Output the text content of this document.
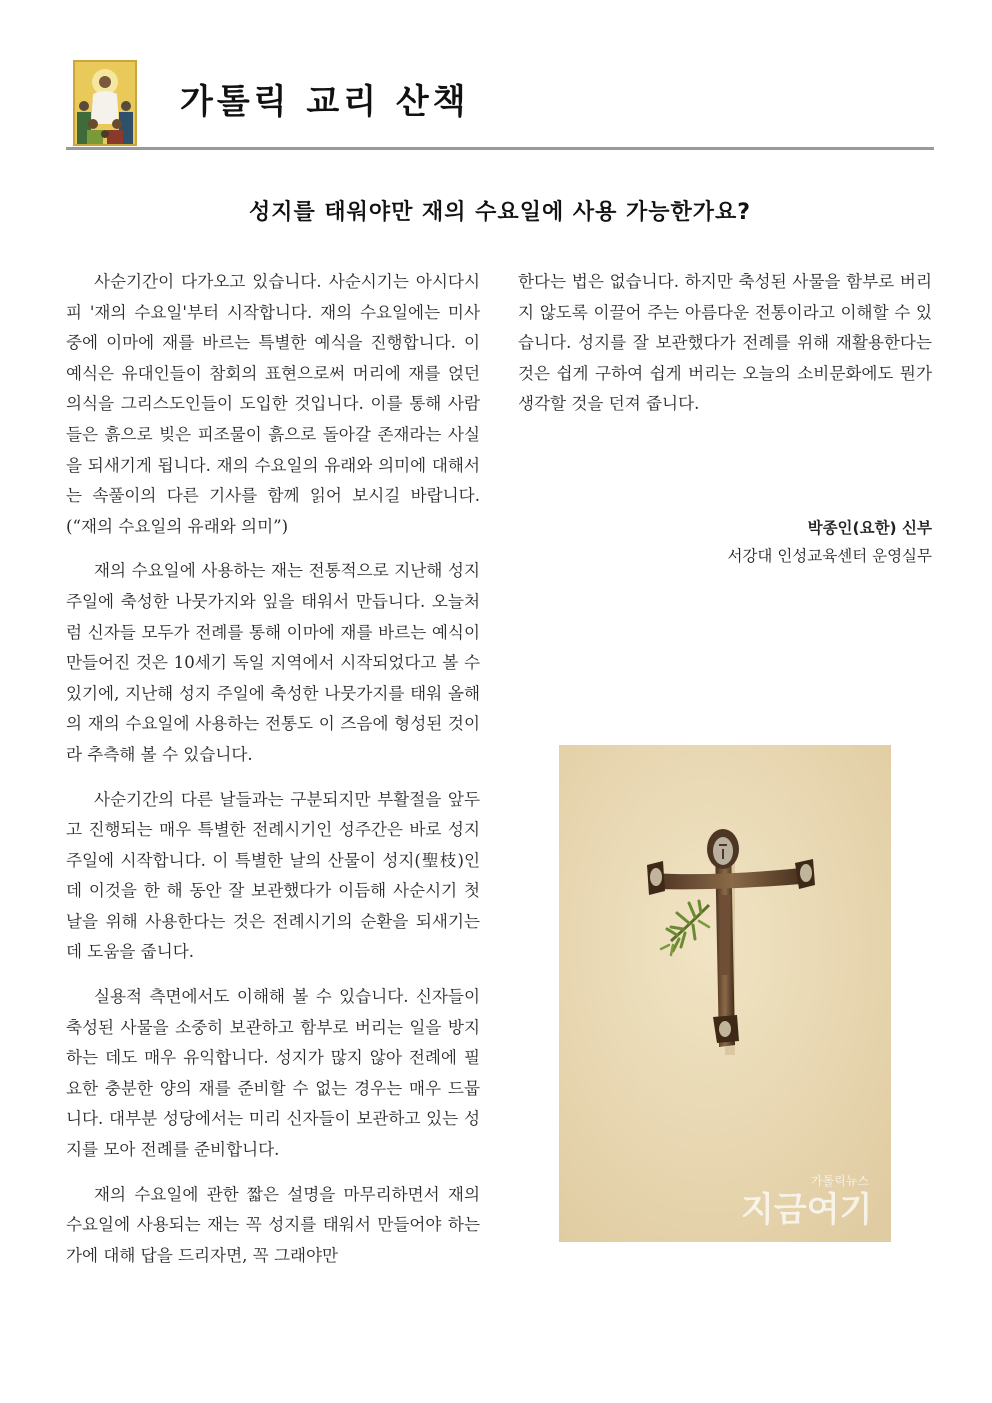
가톨릭 교리 산책
성지를 태워야만 재의 수요일에 사용 가능한가요?

사순기간이 다가오고 있습니다. 사순시기는 아시다시피 '재의 수요일'부터 시작합니다. 재의 수요일에는 미사 중에 이마에 재를 바르는 특별한 예식을 진행합니다. 이 예식은 유대인들이 참회의 표현으로써 머리에 재를 얹던 의식을 그리스도인들이 도입한 것입니다. 이를 통해 사람들은 흙으로 빚은 피조물이 흙으로 돌아갈 존재라는 사실을 되새기게 됩니다. 재의 수요일의 유래와 의미에 대해서는 속풀이의 다른 기사를 함께 읽어 보시길 바랍니다. (“재의 수요일의 유래와 의미”)

재의 수요일에 사용하는 재는 전통적으로 지난해 성지 주일에 축성한 나뭇가지와 잎을 태워서 만듭니다. 오늘처럼 신자들 모두가 전례를 통해 이마에 재를 바르는 예식이 만들어진 것은 10세기 독일 지역에서 시작되었다고 볼 수 있기에, 지난해 성지 주일에 축성한 나뭇가지를 태워 올해의 재의 수요일에 사용하는 전통도 이 즈음에 형성된 것이라 추측해 볼 수 있습니다.

사순기간의 다른 날들과는 구분되지만 부활절을 앞두고 진행되는 매우 특별한 전례시기인 성주간은 바로 성지 주일에 시작합니다. 이 특별한 날의 산물이 성지(聖枝)인데 이것을 한 해 동안 잘 보관했다가 이듬해 사순시기 첫날을 위해 사용한다는 것은 전례시기의 순환을 되새기는 데 도움을 줍니다.

실용적 측면에서도 이해해 볼 수 있습니다. 신자들이 축성된 사물을 소중히 보관하고 함부로 버리는 일을 방지하는 데도 매우 유익합니다. 성지가 많지 않아 전례에 필요한 충분한 양의 재를 준비할 수 없는 경우는 매우 드뭅니다. 대부분 성당에서는 미리 신자들이 보관하고 있는 성지를 모아 전례를 준비합니다.

재의 수요일에 관한 짧은 설명을 마무리하면서 재의 수요일에 사용되는 재는 꼭 성지를 태워서 만들어야 하는가에 대해 답을 드리자면, 꼭 그래야만

한다는 법은 없습니다. 하지만 축성된 사물을 함부로 버리지 않도록 이끌어 주는 아름다운 전통이라고 이해할 수 있습니다. 성지를 잘 보관했다가 전례를 위해 재활용한다는 것은 쉽게 구하여 쉽게 버리는 오늘의 소비문화에도 뭔가 생각할 것을 던져 줍니다.

박종인(요한) 신부
서강대 인성교육센터 운영실무
가톨릭뉴스
지금여기
